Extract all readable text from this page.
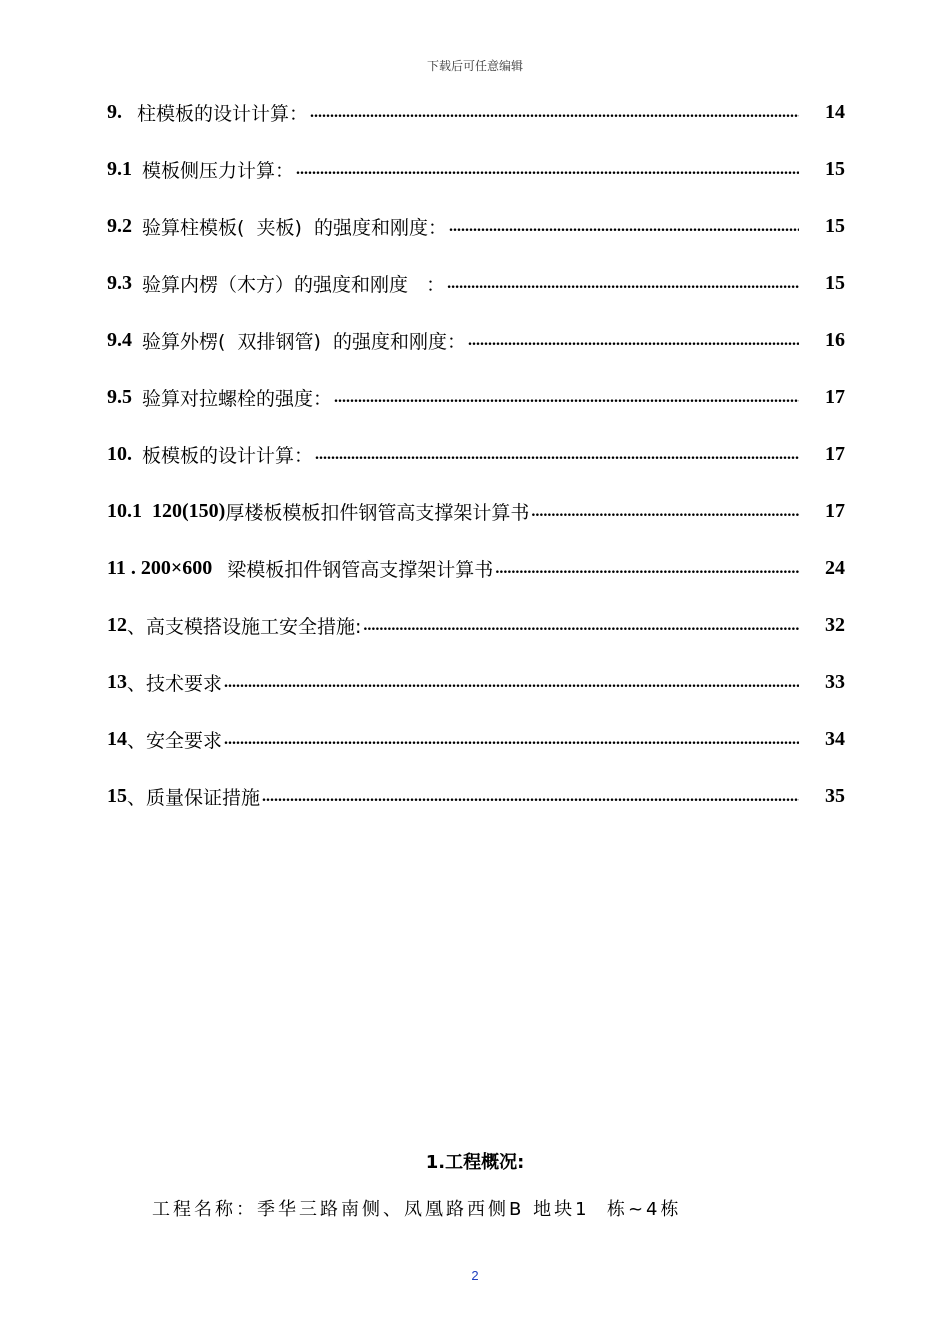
下载后可任意编辑
9. 柱模板的设计计算： .....	14
9.1 模板侧压力计算： .....	15
9.2 验算柱模板(  夹板)  的强度和刚度： .....	15
9.3 验算内楞（木方）的强度和刚度   ： .....	15
9.4 验算外楞(  双排钢管)  的强度和刚度： .....	16
9.5 验算对拉螺栓的强度： .....	17
10. 板模板的设计计算： .....	17
10.1  120(150) 厚楼板模板扣件钢管高支撑架计算书 .....	17
11 . 200×600 梁模板扣件钢管高支撑架计算书 .....	24
12 、高支模搭设施工安全措施: .....	32
13 、技术要求 .....	33
14 、安全要求 .....	34
15 、质量保证措施 .....	35
1.工程概况:
工程名称：季华三路南侧、凤凰路西侧B 地块1  栋~4栋
2
